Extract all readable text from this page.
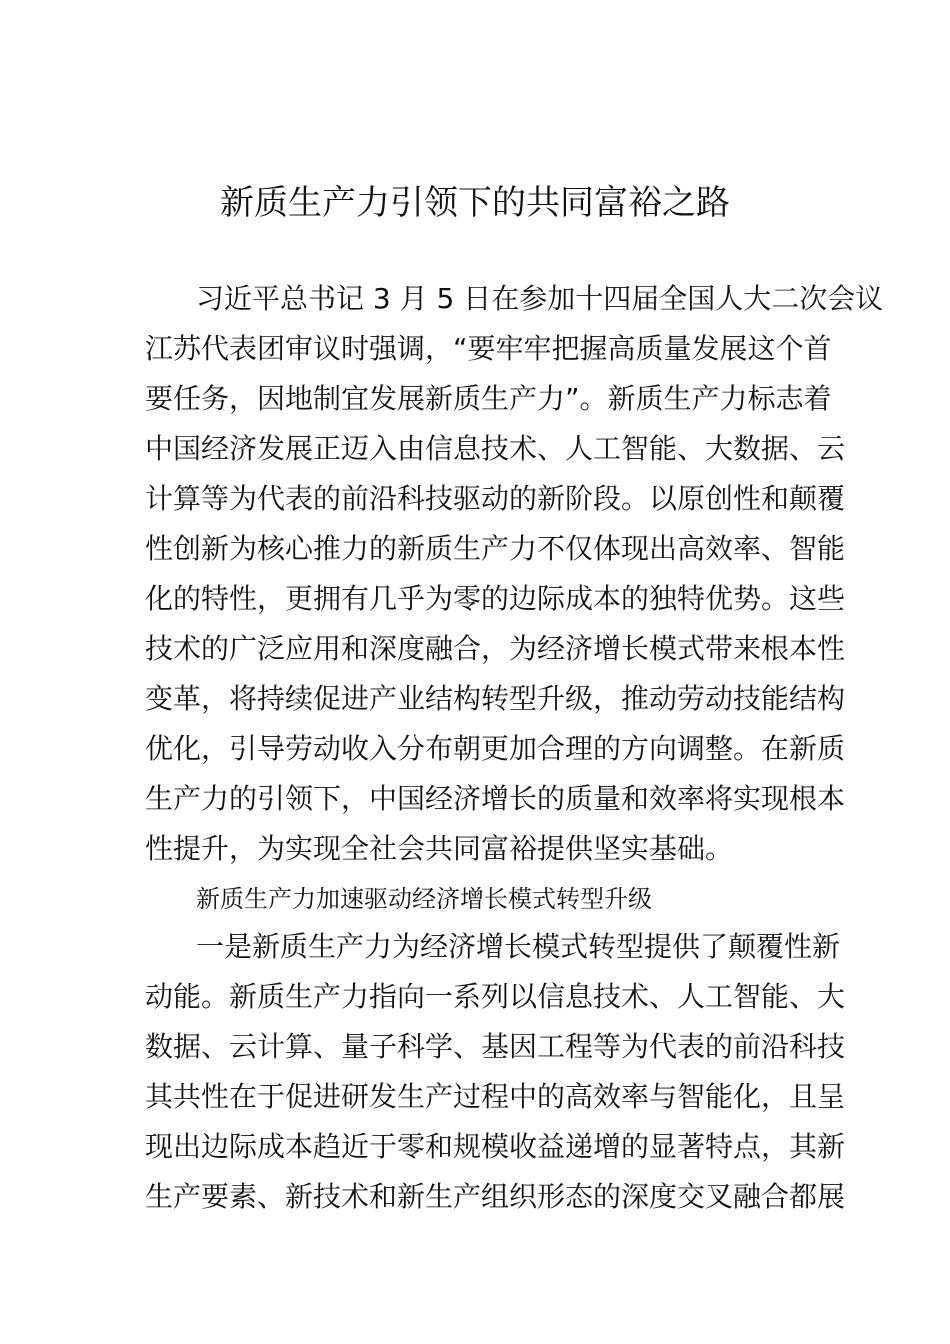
新质生产力引领下的共同富裕之路

习近平总书记 3 月 5 日在参加十四届全国人大二次会议

江苏代表团审议时强调，“要牢牢把握高质量发展这个首

要任务，因地制宜发展新质生产力”。新质生产力标志着

中国经济发展正迈入由信息技术、人工智能、大数据、云

计算等为代表的前沿科技驱动的新阶段。以原创性和颠覆

性创新为核心推力的新质生产力不仅体现出高效率、智能

化的特性，更拥有几乎为零的边际成本的独特优势。这些

技术的广泛应用和深度融合，为经济增长模式带来根本性

变革，将持续促进产业结构转型升级，推动劳动技能结构

优化，引导劳动收入分布朝更加合理的方向调整。在新质

生产力的引领下，中国经济增长的质量和效率将实现根本

性提升，为实现全社会共同富裕提供坚实基础。

新质生产力加速驱动经济增长模式转型升级

一是新质生产力为经济增长模式转型提供了颠覆性新

动能。新质生产力指向一系列以信息技术、人工智能、大

数据、云计算、量子科学、基因工程等为代表的前沿科技

其共性在于促进研发生产过程中的高效率与智能化，且呈

现出边际成本趋近于零和规模收益递增的显著特点，其新

生产要素、新技术和新生产组织形态的深度交叉融合都展
